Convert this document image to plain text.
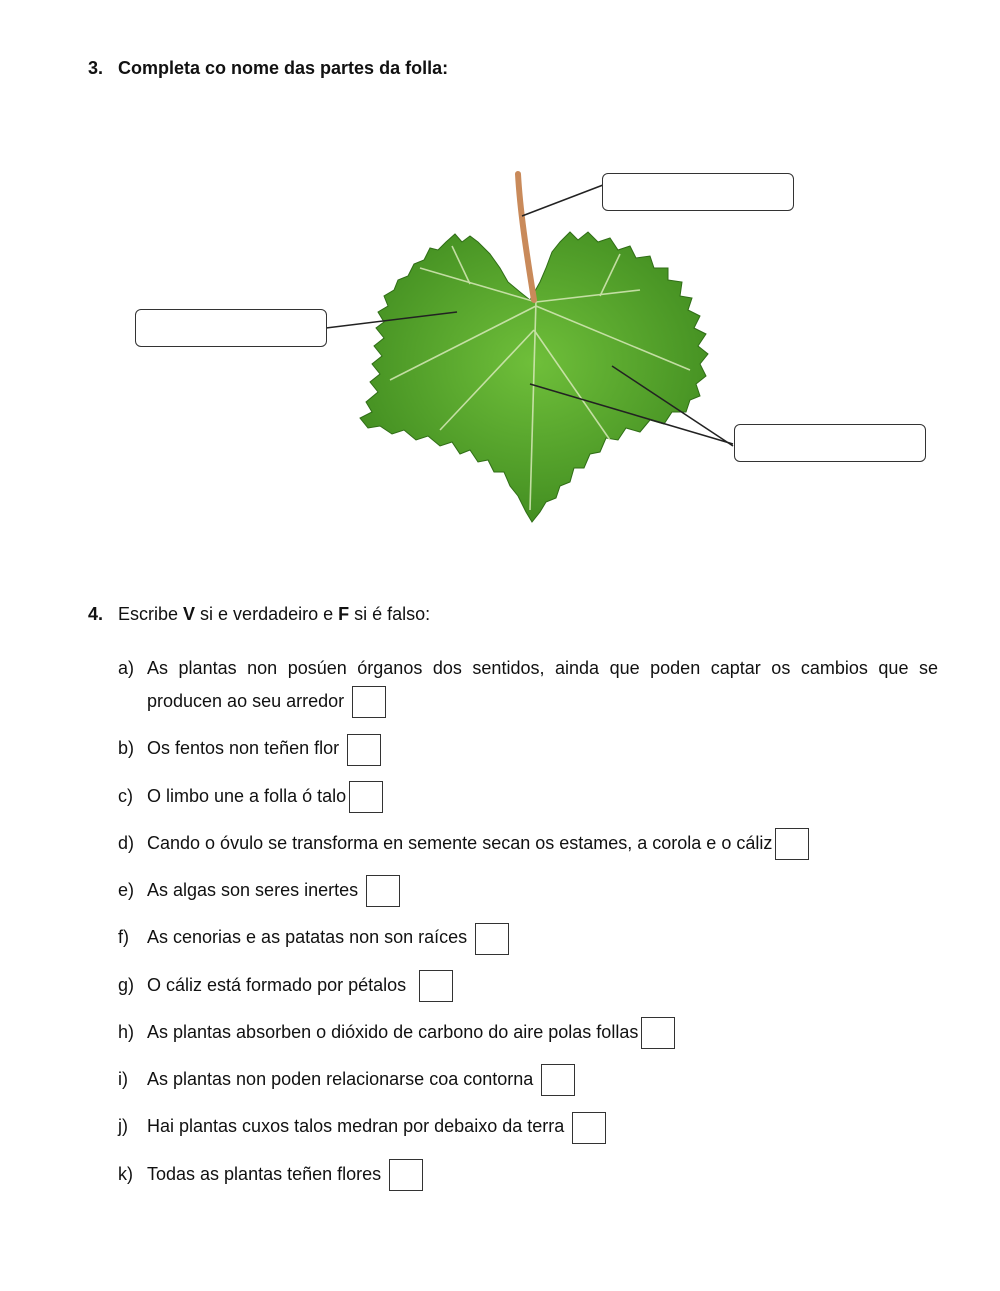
3. Completa co nome das partes da folla:
4. Escribe V si e verdadeiro e F si é falso:
a) As plantas non posúen órganos dos sentidos, ainda que poden captar os cambios que se producen ao seu arredor
b) Os fentos non teñen flor
c) O limbo une a folla ó talo
d) Cando o óvulo se transforma en semente secan os estames, a corola e o cáliz
e) As algas son seres inertes
f)	As cenorias e as patatas non son raíces
g) O cáliz está formado por pétalos
h) As plantas absorben o dióxido de carbono do aire polas follas
i)	As plantas non poden relacionarse coa contorna
j)	Hai plantas cuxos talos medran por debaixo da terra
k) Todas as plantas teñen flores
